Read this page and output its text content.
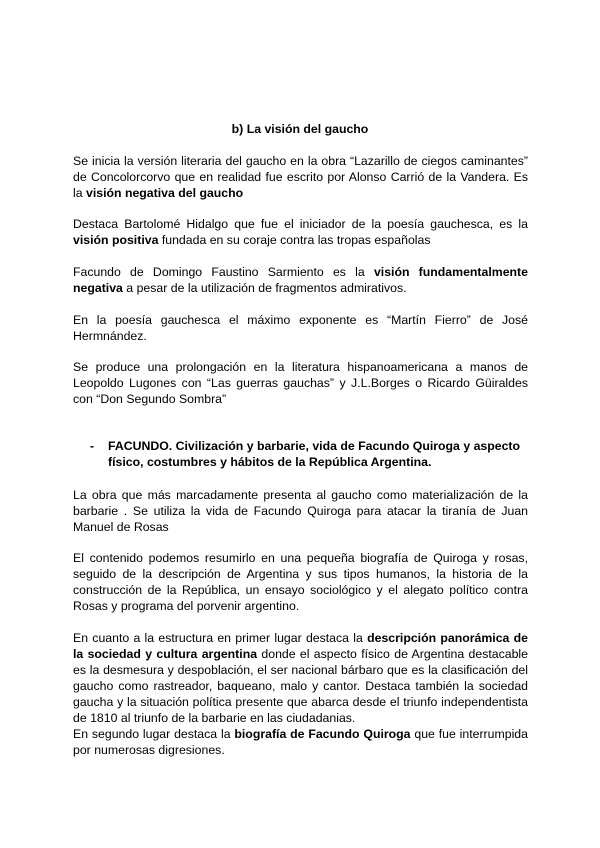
b) La visión del gaucho

Se inicia la versión literaria del gaucho en la obra “Lazarillo de ciegos caminantes” de Concolorcorvo que en realidad fue escrito por Alonso Carrió de la Vandera. Es la visión negativa del gaucho

Destaca Bartolomé Hidalgo que fue el iniciador de la poesía gauchesca, es la visión positiva fundada en su coraje contra las tropas españolas

Facundo de Domingo Faustino Sarmiento es la visión fundamentalmente negativa a pesar de la utilización de fragmentos admirativos.

En la poesía gauchesca el máximo exponente es “Martín Fierro” de José Hermnández.

Se produce una prolongación en la literatura hispanoamericana a manos de Leopoldo Lugones con “Las guerras gauchas” y J.L.Borges o Ricardo Güiraldes con “Don Segundo Sombra”

- FACUNDO. Civilización y barbarie, vida de Facundo Quiroga y aspecto físico, costumbres y hábitos de la República Argentina.

La obra que más marcadamente presenta al gaucho como materialización de la barbarie . Se utiliza la vida de Facundo Quiroga para atacar la tiranía de Juan Manuel de Rosas

El contenido podemos resumirlo en una pequeña biografía de Quiroga y rosas, seguido de la descripción de Argentina y sus tipos humanos, la historia de la construcción de la República, un ensayo sociológico y el alegato político contra Rosas y programa del porvenir argentino.

En cuanto a la estructura en primer lugar destaca la descripción panorámica de la sociedad y cultura argentina donde el aspecto físico de Argentina destacable es la desmesura y despoblación, el ser nacional bárbaro que es la clasificación del gaucho como rastreador, baqueano, malo y cantor. Destaca también la sociedad gaucha y la situación política presente que abarca desde el triunfo independentista de 1810 al triunfo de la barbarie en las ciudadanias.

En segundo lugar destaca la biografía de Facundo Quiroga que fue interrumpida por numerosas digresiones.
